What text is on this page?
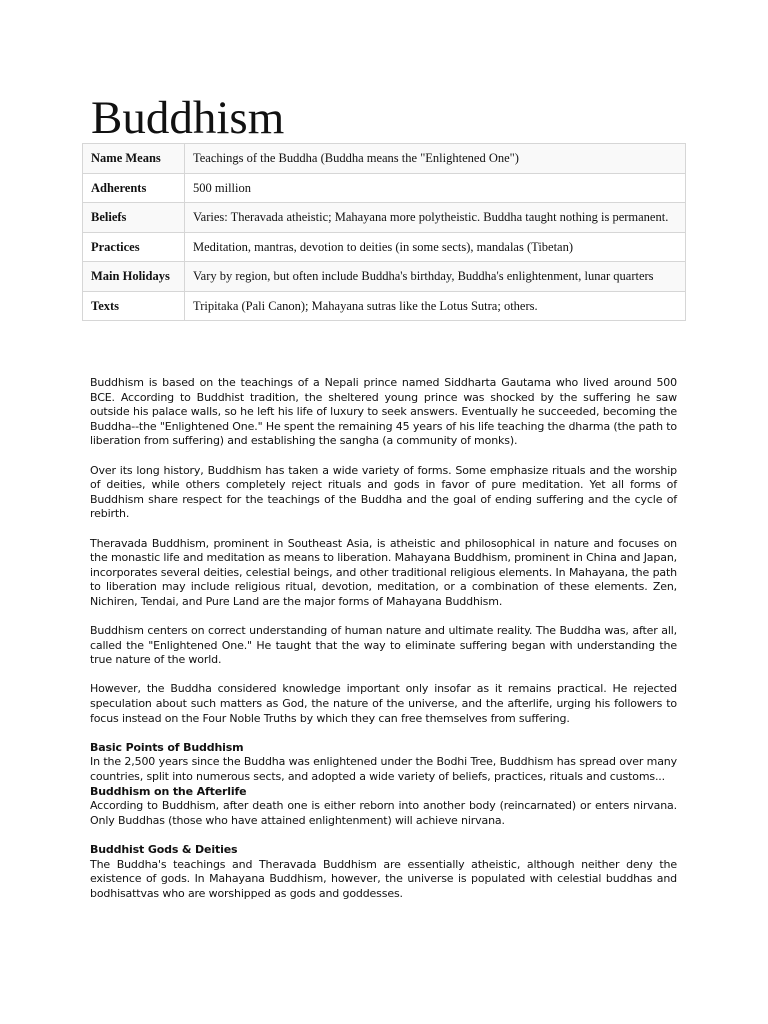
Buddhism
Name Means	Teachings of the Buddha (Buddha means the "Enlightened One")
Adherents	500 million
Beliefs	Varies: Theravada atheistic; Mahayana more polytheistic. Buddha taught nothing is permanent.
Practices	Meditation, mantras, devotion to deities (in some sects), mandalas (Tibetan)
Main Holidays	Vary by region, but often include Buddha's birthday, Buddha's enlightenment, lunar quarters
Texts	Tripitaka (Pali Canon); Mahayana sutras like the Lotus Sutra; others.

Buddhism is based on the teachings of a Nepali prince named Siddharta Gautama who lived around 500 BCE. According to Buddhist tradition, the sheltered young prince was shocked by the suffering he saw outside his palace walls, so he left his life of luxury to seek answers. Eventually he succeeded, becoming the Buddha--the "Enlightened One." He spent the remaining 45 years of his life teaching the dharma (the path to liberation from suffering) and establishing the sangha (a community of monks).

Over its long history, Buddhism has taken a wide variety of forms. Some emphasize rituals and the worship of deities, while others completely reject rituals and gods in favor of pure meditation. Yet all forms of Buddhism share respect for the teachings of the Buddha and the goal of ending suffering and the cycle of rebirth.

Theravada Buddhism, prominent in Southeast Asia, is atheistic and philosophical in nature and focuses on the monastic life and meditation as means to liberation. Mahayana Buddhism, prominent in China and Japan, incorporates several deities, celestial beings, and other traditional religious elements. In Mahayana, the path to liberation may include religious ritual, devotion, meditation, or a combination of these elements. Zen, Nichiren, Tendai, and Pure Land are the major forms of Mahayana Buddhism.

Buddhism centers on correct understanding of human nature and ultimate reality. The Buddha was, after all, called the "Enlightened One." He taught that the way to eliminate suffering began with understanding the true nature of the world.

However, the Buddha considered knowledge important only insofar as it remains practical. He rejected speculation about such matters as God, the nature of the universe, and the afterlife, urging his followers to focus instead on the Four Noble Truths by which they can free themselves from suffering.

Basic Points of Buddhism

In the 2,500 years since the Buddha was enlightened under the Bodhi Tree, Buddhism has spread over many countries, split into numerous sects, and adopted a wide variety of beliefs, practices, rituals and customs...

Buddhism on the Afterlife

According to Buddhism, after death one is either reborn into another body (reincarnated) or enters nirvana. Only Buddhas (those who have attained enlightenment) will achieve nirvana.

Buddhist Gods & Deities

The Buddha's teachings and Theravada Buddhism are essentially atheistic, although neither deny the existence of gods. In Mahayana Buddhism, however, the universe is populated with celestial buddhas and bodhisattvas who are worshipped as gods and goddesses.
